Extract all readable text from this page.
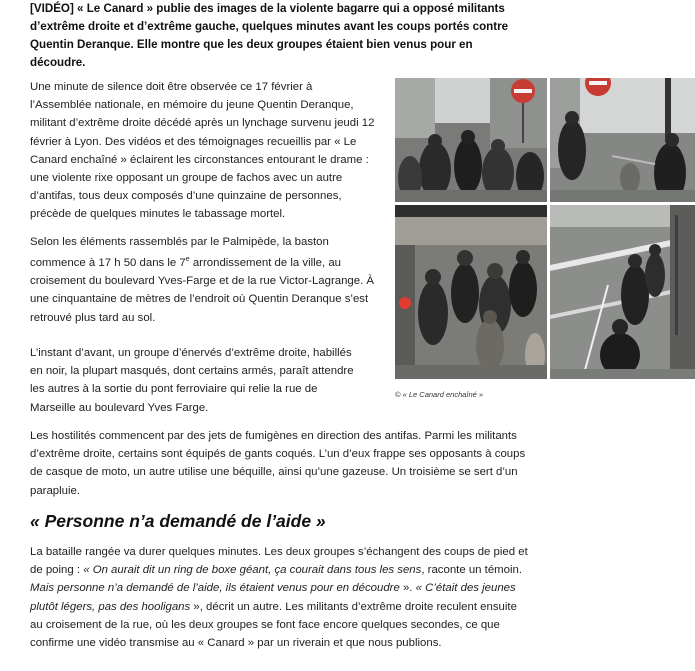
[VIDÉO] « Le Canard » publie des images de la violente bagarre qui a opposé militants d’extrême droite et d’extrême gauche, quelques minutes avant les coups portés contre Quentin Deranque. Elle montre que les deux groupes étaient bien venus pour en découdre.

Une minute de silence doit être observée ce 17 février à l’Assemblée nationale, en mémoire du jeune Quentin Deranque, militant d’extrême droite décédé après un lynchage survenu jeudi 12 février à Lyon. Des vidéos et des témoignages recueillis par « Le Canard enchaîné » éclairent les circonstances entourant le drame : une violente rixe opposant un groupe de fachos avec un autre d’antifas, tous deux composés d’une quinzaine de personnes, précède de quelques minutes le tabassage mortel.

Selon les éléments rassemblés par le Palmipède, la baston commence à 17 h 50 dans le 7e arrondissement de la ville, au croisement du boulevard Yves-Farge et de la rue Victor-Lagrange. À une cinquantaine de mètres de l’endroit où Quentin Deranque s’est retrouvé plus tard au sol.

L’instant d’avant, un groupe d’énervés d’extrême droite, habillés en noir, la plupart masqués, dont certains armés, paraît attendre les autres à la sortie du pont ferroviaire qui relie la rue de Marseille au boulevard Yves Farge.

© « Le Canard enchaîné »

Les hostilités commencent par des jets de fumigènes en direction des antifas. Parmi les militants d’extrême droite, certains sont équipés de gants coqués. L’un d’eux frappe ses opposants à coups de casque de moto, un autre utilise une béquille, ainsi qu’une gazeuse. Un troisième se sert d’un parapluie.

« Personne n’a demandé de l’aide »

La bataille rangée va durer quelques minutes. Les deux groupes s’échangent des coups de pied et de poing : « On aurait dit un ring de boxe géant, ça courait dans tous les sens, raconte un témoin. Mais personne n’a demandé de l’aide, ils étaient venus pour en découdre ». « C’était des jeunes plutôt légers, pas des hooligans », décrit un autre. Les militants d’extrême droite reculent ensuite au croisement de la rue, où les deux groupes se font face encore quelques secondes, ce que confirme une vidéo transmise au « Canard » par un riverain et que nous publions.
